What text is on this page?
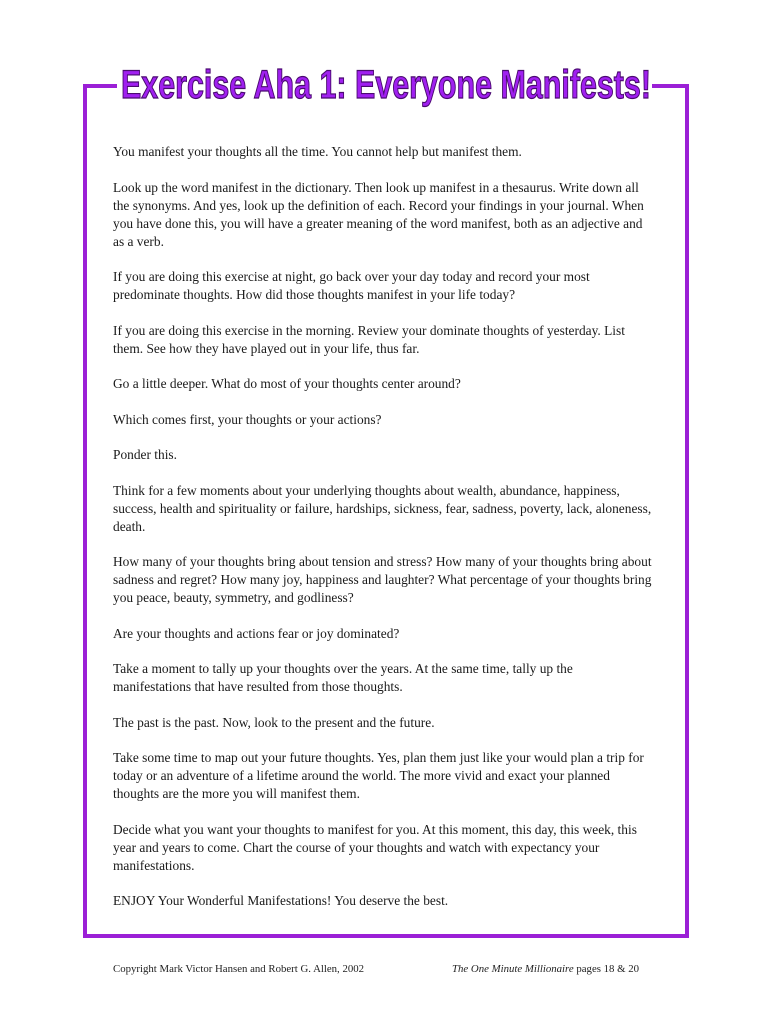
Exercise Aha 1: Everyone Manifests!

You manifest your thoughts all the time. You cannot help but manifest them.

Look up the word manifest in the dictionary. Then look up manifest in a thesaurus. Write down all the synonyms. And yes, look up the definition of each. Record your findings in your journal. When you have done this, you will have a greater meaning of the word manifest, both as an adjective and as a verb.

If you are doing this exercise at night, go back over your day today and record your most predominate thoughts. How did those thoughts manifest in your life today?

If you are doing this exercise in the morning. Review your dominate thoughts of yesterday. List them. See how they have played out in your life, thus far.

Go a little deeper. What do most of your thoughts center around?

Which comes first, your thoughts or your actions?

Ponder this.

Think for a few moments about your underlying thoughts about wealth, abundance, happiness, success, health and spirituality or failure, hardships, sickness, fear, sadness, poverty, lack, aloneness, death.

How many of your thoughts bring about tension and stress? How many of your thoughts bring about sadness and regret? How many joy, happiness and laughter? What percentage of your thoughts bring you peace, beauty, symmetry, and godliness?

Are your thoughts and actions fear or joy dominated?

Take a moment to tally up your thoughts over the years. At the same time, tally up the manifestations that have resulted from those thoughts.

The past is the past. Now, look to the present and the future.

Take some time to map out your future thoughts. Yes, plan them just like your would plan a trip for today or an adventure of a lifetime around the world. The more vivid and exact your planned thoughts are the more you will manifest them.

Decide what you want your thoughts to manifest for you. At this moment, this day, this week, this year and years to come. Chart the course of your thoughts and watch with expectancy your manifestations.

ENJOY Your Wonderful Manifestations! You deserve the best.

Copyright Mark Victor Hansen and Robert G. Allen, 2002	The One Minute Millionaire pages 18 & 20
